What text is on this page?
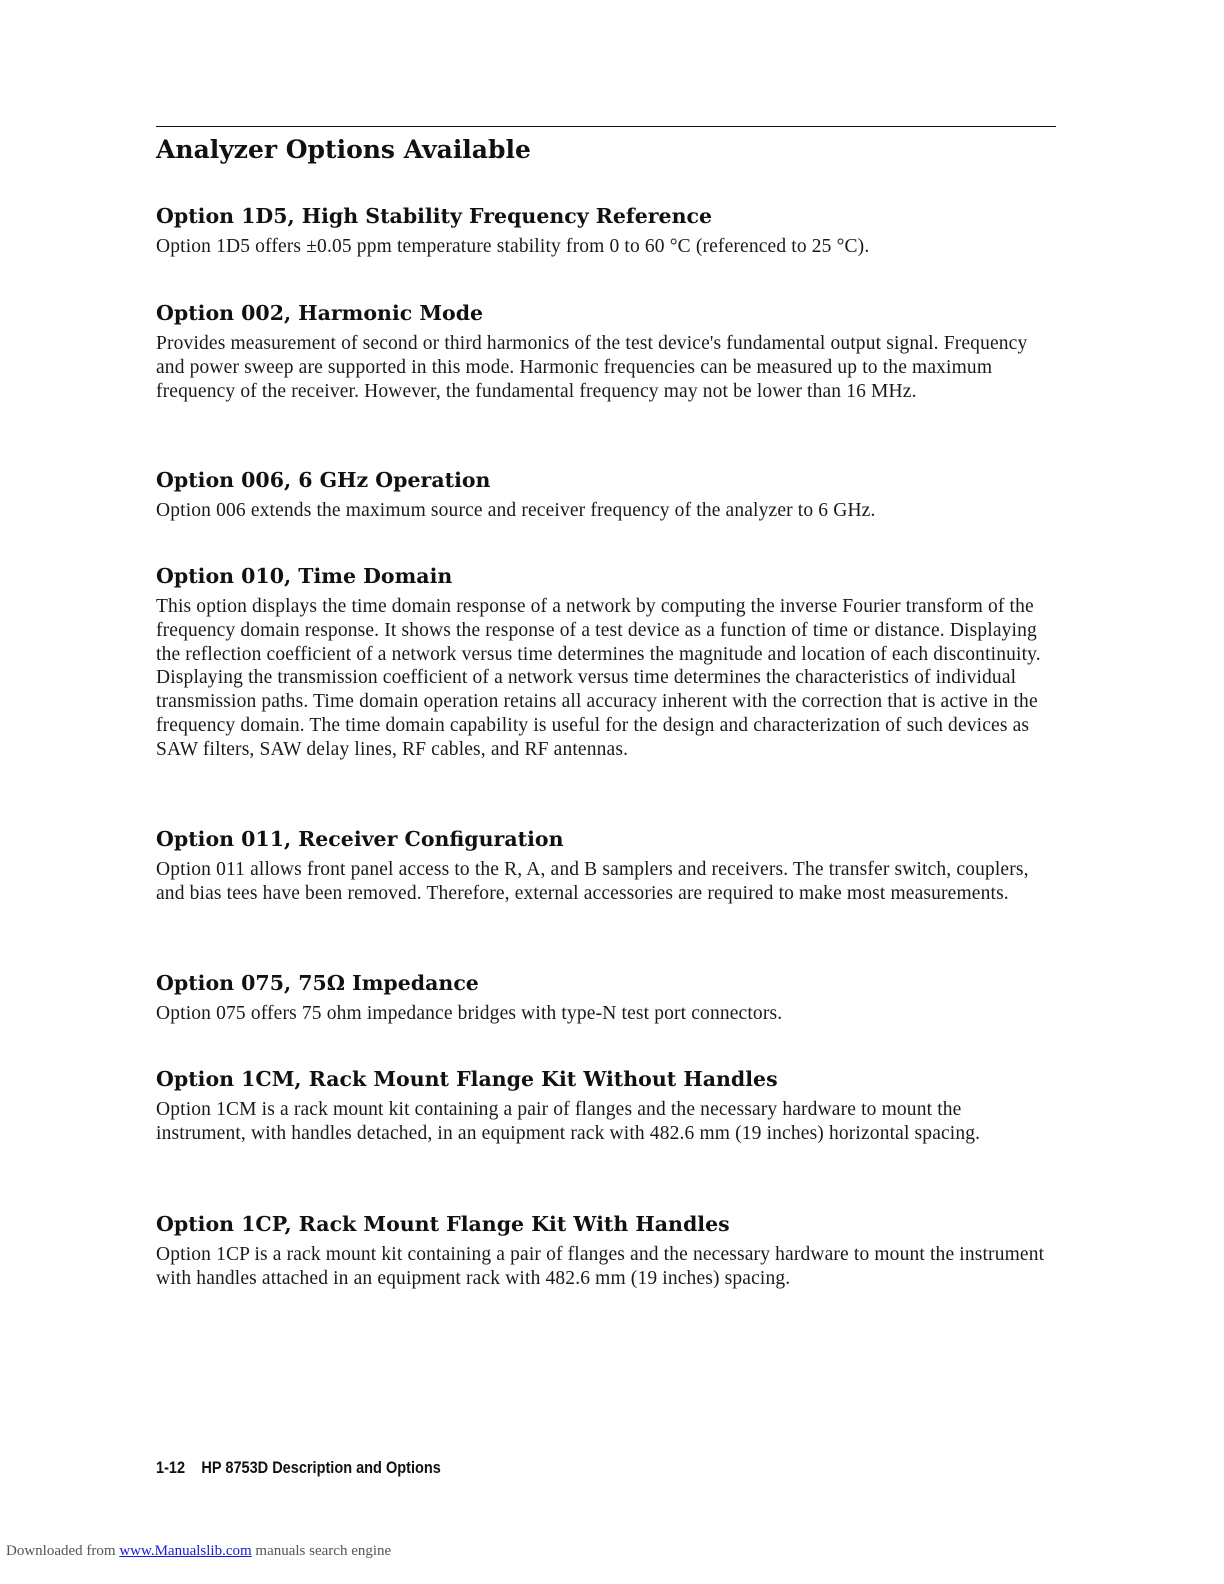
Analyzer Options Available
Option 1D5, High Stability Frequency Reference

Option 1D5 offers ±0.05 ppm temperature stability from 0 to 60 °C (referenced to 25 °C).

Option 002, Harmonic Mode

Provides measurement of second or third harmonics of the test device's fundamental output signal. Frequency and power sweep are supported in this mode. Harmonic frequencies can be measured up to the maximum frequency of the receiver. However, the fundamental frequency may not be lower than 16 MHz.

Option 006, 6 GHz Operation

Option 006 extends the maximum source and receiver frequency of the analyzer to 6 GHz.

Option 010, Time Domain

This option displays the time domain response of a network by computing the inverse Fourier transform of the frequency domain response. It shows the response of a test device as a function of time or distance. Displaying the reflection coefficient of a network versus time determines the magnitude and location of each discontinuity. Displaying the transmission coefficient of a network versus time determines the characteristics of individual transmission paths. Time domain operation retains all accuracy inherent with the correction that is active in the frequency domain. The time domain capability is useful for the design and characterization of such devices as SAW filters, SAW delay lines, RF cables, and RF antennas.

Option 011, Receiver Configuration

Option 011 allows front panel access to the R, A, and B samplers and receivers. The transfer switch, couplers, and bias tees have been removed. Therefore, external accessories are required to make most measurements.

Option 075, 75Ω Impedance

Option 075 offers 75 ohm impedance bridges with type-N test port connectors.

Option 1CM, Rack Mount Flange Kit Without Handles

Option 1CM is a rack mount kit containing a pair of flanges and the necessary hardware to mount the instrument, with handles detached, in an equipment rack with 482.6 mm (19 inches) horizontal spacing.

Option 1CP, Rack Mount Flange Kit With Handles

Option 1CP is a rack mount kit containing a pair of flanges and the necessary hardware to mount the instrument with handles attached in an equipment rack with 482.6 mm (19 inches) spacing.

1-12 HP 8753D Description and Options
Downloaded from www.Manualslib.com manuals search engine
